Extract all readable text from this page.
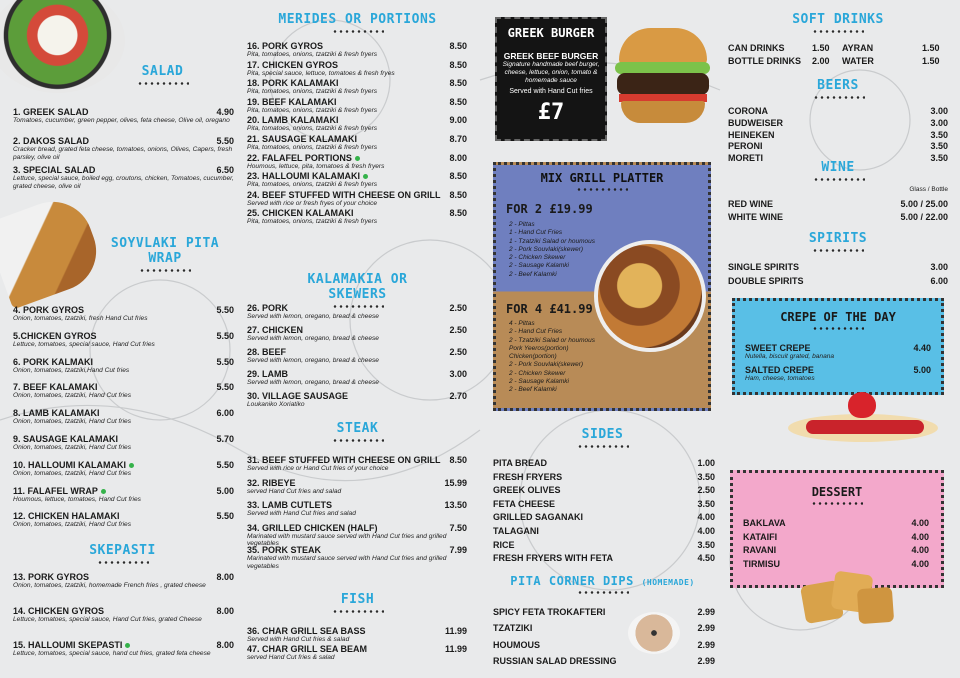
SALAD
1. GREEK SALAD	4.90
Tomatoes, cucumber, green pepper, olives, feta cheese, Olive oil, oregano
2. DAKOS SALAD	5.50
Cracker bread, grated feta cheese, tomatoes, onions, Olives, Capers, fresh parsley, olive oil
3. SPECIAL SALAD	6.50
Lettuce, special sauce, boiled egg, croutons, chicken, Tomatoes, cucumber, grated cheese, olive oil
SOYVLAKI PITA WRAP
4. PORK GYROS	5.50
Onion, tomatoes, tzatziki, fresh Hand Cut fries
5.CHICKEN GYROS	5.50
Lettuce, tomatoes, special sauce, Hand Cut fries
6. PORK KALMAKI	5.50
Onion, tomatoes, tzatziki,Hand Cut fries
7. BEEF KALAMAKI	5.50
Onion, tomatoes, tzatziki, Hand Cut fries
8. LAMB KALAMAKI	6.00
Onion, tomatoes, tzatziki, Hand Cut fries
9. SAUSAGE KALAMAKI	5.70
Onion, tomatoes, tzatziki, Hand Cut fries
10. HALLOUMI KALAMAKI	5.50
Onion, tomatoes, tzatziki, Hand Cut fries
11. FALAFEL WRAP	5.00
Houmous, lettuce, tomatoes, Hand Cut fries
12. CHICKEN HALAMAKI	5.50
Onion, tomatoes, tzatziki, Hand Cut fries
SKEPASTI
13. PORK GYROS	8.00
Onion, tomatoes, tzatziki, homemade French fries , grated cheese
14. CHICKEN GYROS	8.00
Lettuce, tomatoes, special sauce, Hand Cut fries, grated Cheese
15. HALLOUMI SKEPASTI	8.00
Lettuce, tomatoes, special sauce, hand cut fries, grated feta cheese
MERIDES OR PORTIONS
16. PORK GYROS	8.50
Pita, tomatoes, onions, tzatziki & fresh fryers
17. CHICKEN GYROS	8.50
Pita, special sauce, lettuce, tomatoes & fresh fryes
18. PORK KALAMAKI	8.50
Pita, tomatoes, onions, tzatziki & fresh fryers
19. BEEF KALAMAKI	8.50
Pita, tomatoes, onions, tzatziki & fresh fryers
20. LAMB KALAMAKI	9.00
Pita, tomatoes, onions, tzatziki & fresh fryers
21. SAUSAGE KALAMAKI	8.70
Pita, tomatoes, onions, tzatziki & fresh fryers
22. FALAFEL PORTIONS	8.00
Houmous, lettuce, pita, tomatoes & fresh fryers
23. HALLOUMI KALAMAKI	8.50
Pita, tomatoes, onions, tzatziki & fresh fryers
24. BEEF STUFFED WITH CHEESE ON GRILL 8.50
Served with rice or fresh fryes of your choice
25. CHICKEN KALAMAKI	8.50
Pita, tomatoes, onions, tzatziki & fresh fryers
KALAMAKIA OR SKEWERS
26. PORK	2.50
Served with lemon, oregano, bread & cheese
27. CHICKEN	2.50
Served with lemon, oregano, bread & cheese
28. BEEF	2.50
Served with lemon, oregano, bread & cheese
29. LAMB	3.00
Served with lemon, oregano, bread & cheese
30. VILLAGE SAUSAGE	2.70
Loukaniko Xoriatiko
STEAK
31. BEEF STUFFED WITH CHEESE ON GRILL 8.50
Served with rice or Hand Cut fries of your choice
32. RIBEYE	15.99
served Hand Cut fries and salad
33. LAMB CUTLETS	13.50
Served with Hand Cut fries and salad
34. GRILLED CHICKEN (HALF)	7.50
Marinated with mustard sauce served with Hand Cut fries and grilled vegetables
35. PORK STEAK	7.99
Marinated with mustard sauce served with Hand Cut fries and grilled vegetables
FISH
36. CHAR GRILL SEA BASS	11.99
Served with Hand Cut fries & salad
47. CHAR GRILL SEA BEAM	11.99
served Hand Cut fries & salad
GREEK BURGER
GREEK BEEF BURGER
Signature handmade beef burger, cheese, lettuce, onion, tomato & homemade sauce
Served with Hand Cut fries
£7
MIX GRILL PLATTER
FOR 2 £19.99
2 - Pittas
1 - Hand Cut Fries
1 - Tzatziki Salad or houmous
2 - Pork Souvlaki(skewer)
2 - Chicken Skewer
2 - Sausage Kalamki
2 - Beef Kalamki
FOR 4 £41.99
4 - Pittas
2 - Hand Cut Fries
2 - Tzatziki Salad or houmous
Pork Yeeros(portion)
Chicken(portion)
2 - Pork Souvlaki(skewer)
2 - Chicken Skewer
2 - Sausage Kalamki
2 - Beef Kalamki
SIDES
PITA BREAD	1.00
FRESH FRYERS	3.50
GREEK OLIVES	2.50
FETA CHEESE	3.50
GRILLED SAGANAKI	4.00
TALAGANI	4.00
RICE	3.50
FRESH FRYERS WITH FETA	4.50
PITA CORNER DIPS (HOMEMADE)
SPICY FETA TROKAFTERI	2.99
TZATZIKI	2.99
HOUMOUS	2.99
RUSSIAN SALAD DRESSING	2.99
SOFT DRINKS
CAN DRINKS	1.50 AYRAN	1.50
BOTTLE DRINKS 2.00 WATER	1.50
BEERS
CORONA	3.00
BUDWEISER	3.00
HEINEKEN	3.50
PERONI	3.50
MORETI	3.50
WINE
Glass / Bottle
RED WINE	5.00 / 25.00
WHITE WINE	5.00 / 22.00
SPIRITS
SINGLE SPIRITS	3.00
DOUBLE SPIRITS	6.00
CREPE OF THE DAY
SWEET CREPE	4.40
Nutella, biscuit grated, banana
SALTED CREPE	5.00
Ham, cheese, tomatoes
DESSERT
BAKLAVA	4.00
KATAIFI	4.00
RAVANI	4.00
TIRMISU	4.00
